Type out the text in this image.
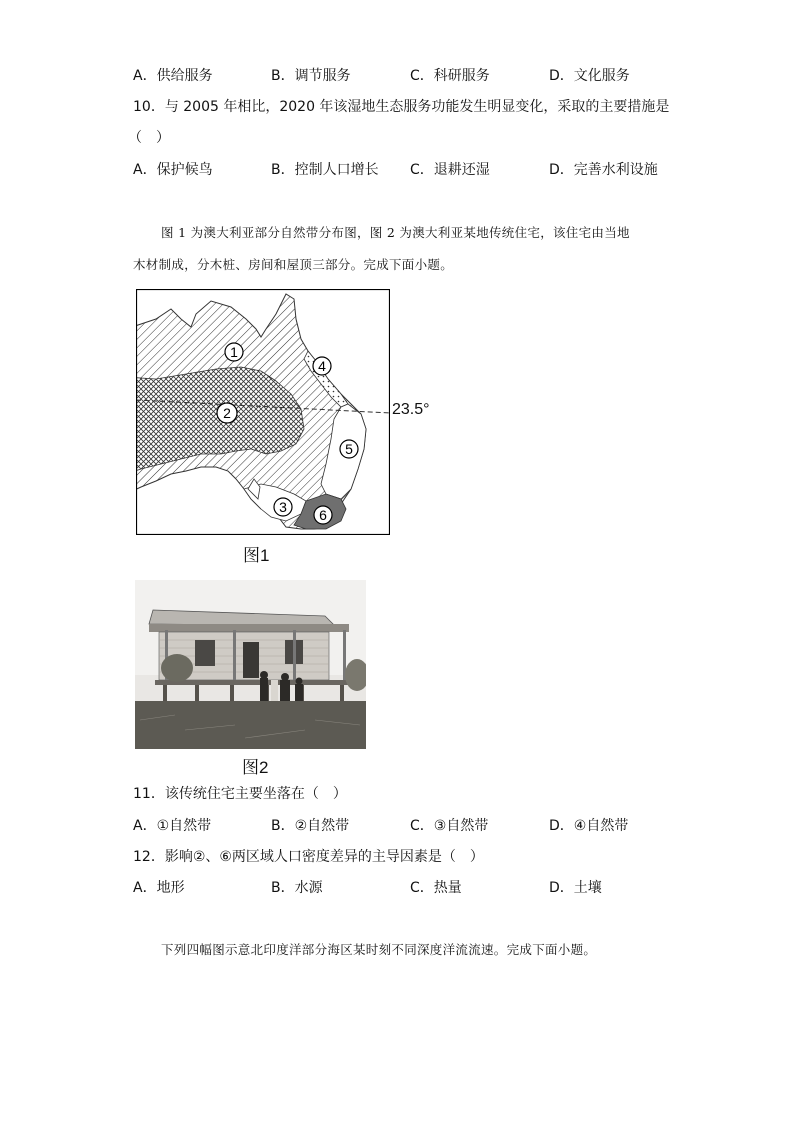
A．供给服务	B．调节服务	C．科研服务	D．文化服务
10．与 2005 年相比，2020 年该湿地生态服务功能发生明显变化，采取的主要措施是
（　）
A．保护候鸟	B．控制人口增长 C．退耕还湿	D．完善水利设施
图 1 为澳大利亚部分自然带分布图，图 2 为澳大利亚某地传统住宅，该住宅由当地
木材制成，分木桩、房间和屋顶三部分。完成下面小题。
1
2
3
4
5
6
23.5°
图1
图2
11．该传统住宅主要坐落在（　）
A．①自然带	B．②自然带	C．③自然带	D．④自然带
12．影响②、⑥两区域人口密度差异的主导因素是（　）
A．地形	B．水源	C．热量	D．土壤
下列四幅图示意北印度洋部分海区某时刻不同深度洋流流速。完成下面小题。
